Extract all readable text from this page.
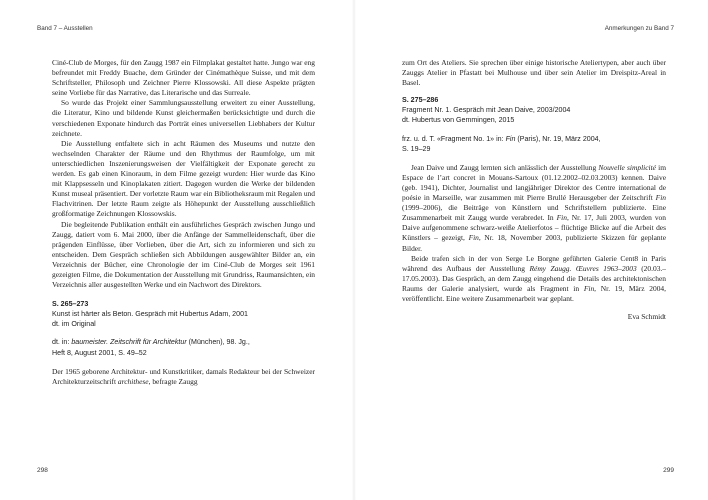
Band 7 – Ausstellen

Ciné-Club de Morges, für den Zaugg 1987 ein Filmplakat gestaltet hatte. Jungo war eng befreundet mit Freddy Buache, dem Gründer der Cinémathèque Suisse, und mit dem Schriftsteller, Philosoph und Zeichner Pierre Klossowski. All diese Aspekte prägten seine Vorliebe für das Narrative, das Literarische und das Surreale.

So wurde das Projekt einer Sammlungsausstellung erweitert zu einer Ausstellung, die Literatur, Kino und bildende Kunst gleichermaßen berücksichtigte und durch die verschiedenen Exponate hindurch das Porträt eines universellen Liebhabers der Kultur zeichnete.

Die Ausstellung entfaltete sich in acht Räumen des Museums und nutzte den wechselnden Charakter der Räume und den Rhythmus der Raumfolge, um mit unterschiedlichen Inszenierungsweisen der Vielfältigkeit der Exponate gerecht zu werden. Es gab einen Kinoraum, in dem Filme gezeigt wurden: Hier wurde das Kino mit Klappsesseln und Kinoplakaten zitiert. Dagegen wurden die Werke der bildenden Kunst museal präsentiert. Der vorletzte Raum war ein Bibliotheksraum mit Regalen und Flachvitrinen. Der letzte Raum zeigte als Höhepunkt der Ausstellung ausschließlich großformatige Zeichnungen Klossowskis.

Die begleitende Publikation enthält ein ausführliches Gespräch zwischen Jungo und Zaugg, datiert vom 6. Mai 2000, über die Anfänge der Sammelleidenschaft, über die prägenden Einflüsse, über Vorlieben, über die Art, sich zu informieren und sich zu entscheiden. Dem Gespräch schließen sich Abbildungen ausgewählter Bilder an, ein Verzeichnis der Bücher, eine Chronologie der im Ciné-Club de Morges seit 1961 gezeigten Filme, die Dokumentation der Ausstellung mit Grundriss, Raumansichten, ein Verzeichnis aller ausgestellten Werke und ein Nachwort des Direktors.

S. 265–273
Kunst ist härter als Beton. Gespräch mit Hubertus Adam, 2001
dt. im Original
dt. in: baumeister. Zeitschrift für Architektur (München), 98. Jg.,
Heft 8, August 2001, S. 49–52

Der 1965 geborene Architektur- und Kunstkritiker, damals Redakteur bei der Schweizer Architekturzeitschrift archithese, befragte Zaugg

298
Anmerkungen zu Band 7

zum Ort des Ateliers. Sie sprechen über einige historische Ateliertypen, aber auch über Zauggs Atelier in Pfastatt bei Mulhouse und über sein Atelier im Dreispitz-Areal in Basel.

S. 275–286
Fragment Nr. 1. Gespräch mit Jean Daive, 2003/2004
dt. Hubertus von Gemmingen, 2015
frz. u. d. T. «Fragment No. 1» in: Fin (Paris), Nr. 19, März 2004,
S. 19–29

Jean Daive und Zaugg lernten sich anlässlich der Ausstellung Nouvelle simplicité im Espace de l’art concret in Mouans-Sartoux (01.12.2002–02.03.2003) kennen. Daive (geb. 1941), Dichter, Journalist und langjähriger Direktor des Centre international de poésie in Marseille, war zusammen mit Pierre Brullé Herausgeber der Zeitschrift Fin (1999–2006), die Beiträge von Künstlern und Schriftstellern publizierte. Eine Zusammenarbeit mit Zaugg wurde verabredet. In Fin, Nr. 17, Juli 2003, wurden von Daive aufgenommene schwarz-weiße Atelierfotos – flüchtige Blicke auf die Arbeit des Künstlers – gezeigt, Fin, Nr. 18, November 2003, publizierte Skizzen für geplante Bilder.

Beide trafen sich in der von Serge Le Borgne geführten Galerie Cent8 in Paris während des Aufbaus der Ausstellung Rémy Zaugg. Œuvres 1963–2003 (20.03.–17.05.2003). Das Gespräch, an dem Zaugg eingehend die Details des architektonischen Raums der Galerie analysiert, wurde als Fragment in Fin, Nr. 19, März 2004, veröffentlicht. Eine weitere Zusammenarbeit war geplant.

Eva Schmidt
299
